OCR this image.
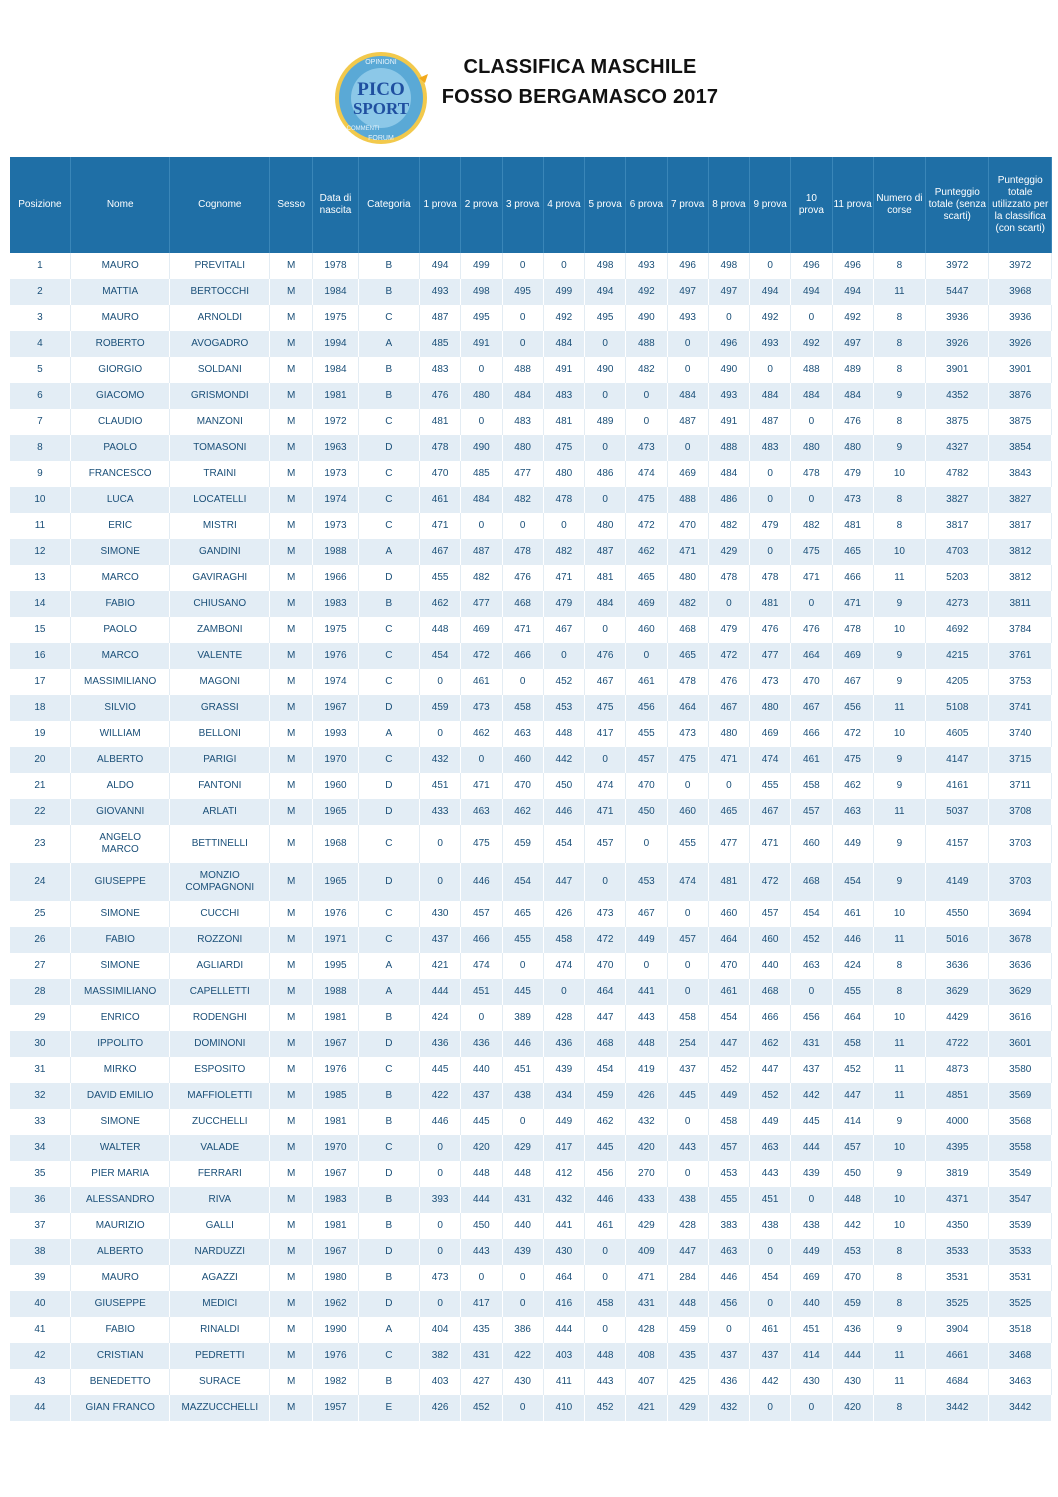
PICO
SPORT
OPINIONI
FORUM
COMMENTI
CLASSIFICA MASCHILE
FOSSO BERGAMASCO 2017
Posizione	Nome	Cognome	Sesso	Data di nascita	Categoria	1 prova	2 prova	3 prova	4 prova	5 prova	6 prova	7 prova	8 prova	9 prova	10 prova	11 prova	Numero di corse	Punteggio totale (senza scarti)	Punteggio totale utilizzato per la classifica (con scarti)
1	MAURO	PREVITALI	M	1978	B	494	499	0	0	498	493	496	498	0	496	496	8	3972	3972
2	MATTIA	BERTOCCHI	M	1984	B	493	498	495	499	494	492	497	497	494	494	494	11	5447	3968
3	MAURO	ARNOLDI	M	1975	C	487	495	0	492	495	490	493	0	492	0	492	8	3936	3936
4	ROBERTO	AVOGADRO	M	1994	A	485	491	0	484	0	488	0	496	493	492	497	8	3926	3926
5	GIORGIO	SOLDANI	M	1984	B	483	0	488	491	490	482	0	490	0	488	489	8	3901	3901
6	GIACOMO	GRISMONDI	M	1981	B	476	480	484	483	0	0	484	493	484	484	484	9	4352	3876
7	CLAUDIO	MANZONI	M	1972	C	481	0	483	481	489	0	487	491	487	0	476	8	3875	3875
8	PAOLO	TOMASONI	M	1963	D	478	490	480	475	0	473	0	488	483	480	480	9	4327	3854
9	FRANCESCO	TRAINI	M	1973	C	470	485	477	480	486	474	469	484	0	478	479	10	4782	3843
10	LUCA	LOCATELLI	M	1974	C	461	484	482	478	0	475	488	486	0	0	473	8	3827	3827
11	ERIC	MISTRI	M	1973	C	471	0	0	0	480	472	470	482	479	482	481	8	3817	3817
12	SIMONE	GANDINI	M	1988	A	467	487	478	482	487	462	471	429	0	475	465	10	4703	3812
13	MARCO	GAVIRAGHI	M	1966	D	455	482	476	471	481	465	480	478	478	471	466	11	5203	3812
14	FABIO	CHIUSANO	M	1983	B	462	477	468	479	484	469	482	0	481	0	471	9	4273	3811
15	PAOLO	ZAMBONI	M	1975	C	448	469	471	467	0	460	468	479	476	476	478	10	4692	3784
16	MARCO	VALENTE	M	1976	C	454	472	466	0	476	0	465	472	477	464	469	9	4215	3761
17	MASSIMILIANO	MAGONI	M	1974	C	0	461	0	452	467	461	478	476	473	470	467	9	4205	3753
18	SILVIO	GRASSI	M	1967	D	459	473	458	453	475	456	464	467	480	467	456	11	5108	3741
19	WILLIAM	BELLONI	M	1993	A	0	462	463	448	417	455	473	480	469	466	472	10	4605	3740
20	ALBERTO	PARIGI	M	1970	C	432	0	460	442	0	457	475	471	474	461	475	9	4147	3715
21	ALDO	FANTONI	M	1960	D	451	471	470	450	474	470	0	0	455	458	462	9	4161	3711
22	GIOVANNI	ARLATI	M	1965	D	433	463	462	446	471	450	460	465	467	457	463	11	5037	3708
23	ANGELO MARCO	BETTINELLI	M	1968	C	0	475	459	454	457	0	455	477	471	460	449	9	4157	3703
24	GIUSEPPE	MONZIO COMPAGNONI	M	1965	D	0	446	454	447	0	453	474	481	472	468	454	9	4149	3703
25	SIMONE	CUCCHI	M	1976	C	430	457	465	426	473	467	0	460	457	454	461	10	4550	3694
26	FABIO	ROZZONI	M	1971	C	437	466	455	458	472	449	457	464	460	452	446	11	5016	3678
27	SIMONE	AGLIARDI	M	1995	A	421	474	0	474	470	0	0	470	440	463	424	8	3636	3636
28	MASSIMILIANO	CAPELLETTI	M	1988	A	444	451	445	0	464	441	0	461	468	0	455	8	3629	3629
29	ENRICO	RODENGHI	M	1981	B	424	0	389	428	447	443	458	454	466	456	464	10	4429	3616
30	IPPOLITO	DOMINONI	M	1967	D	436	436	446	436	468	448	254	447	462	431	458	11	4722	3601
31	MIRKO	ESPOSITO	M	1976	C	445	440	451	439	454	419	437	452	447	437	452	11	4873	3580
32	DAVID EMILIO	MAFFIOLETTI	M	1985	B	422	437	438	434	459	426	445	449	452	442	447	11	4851	3569
33	SIMONE	ZUCCHELLI	M	1981	B	446	445	0	449	462	432	0	458	449	445	414	9	4000	3568
34	WALTER	VALADE	M	1970	C	0	420	429	417	445	420	443	457	463	444	457	10	4395	3558
35	PIER MARIA	FERRARI	M	1967	D	0	448	448	412	456	270	0	453	443	439	450	9	3819	3549
36	ALESSANDRO	RIVA	M	1983	B	393	444	431	432	446	433	438	455	451	0	448	10	4371	3547
37	MAURIZIO	GALLI	M	1981	B	0	450	440	441	461	429	428	383	438	438	442	10	4350	3539
38	ALBERTO	NARDUZZI	M	1967	D	0	443	439	430	0	409	447	463	0	449	453	8	3533	3533
39	MAURO	AGAZZI	M	1980	B	473	0	0	464	0	471	284	446	454	469	470	8	3531	3531
40	GIUSEPPE	MEDICI	M	1962	D	0	417	0	416	458	431	448	456	0	440	459	8	3525	3525
41	FABIO	RINALDI	M	1990	A	404	435	386	444	0	428	459	0	461	451	436	9	3904	3518
42	CRISTIAN	PEDRETTI	M	1976	C	382	431	422	403	448	408	435	437	437	414	444	11	4661	3468
43	BENEDETTO	SURACE	M	1982	B	403	427	430	411	443	407	425	436	442	430	430	11	4684	3463
44	GIAN FRANCO	MAZZUCCHELLI	M	1957	E	426	452	0	410	452	421	429	432	0	0	420	8	3442	3442
